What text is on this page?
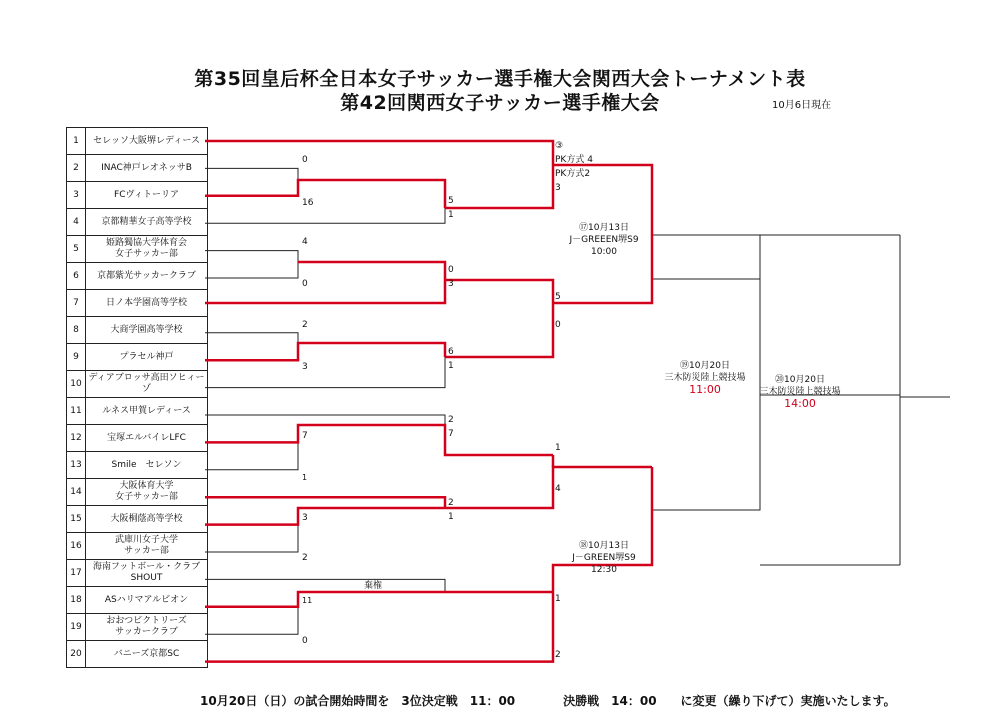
第35回皇后杯全日本女子サッカー選手権大会関西大会トーナメント表
第42回関西女子サッカー選手権大会	10月6日現在
1	セレッソ大阪堺レディース
2	INAC神戸レオネッサB
3	FCヴィトーリア
4	京都精華女子高等学校
5	姫路獨協大学体育会
女子サッカー部
6	京都紫光サッカークラブ
7	日ノ本学園高等学校
8	大商学園高等学校
9	プラセル神戸
10	ディアブロッサ高田ソヒィーゾ
11	ルネス甲賀レディース
12	宝塚エルバイレLFC
13	Smile　セレソン
14	大阪体育大学
女子サッカー部
15	大阪桐蔭高等学校
16	武庫川女子大学
サッカー部
17	海南フットボール・クラブ
SHOUT
18	ASハリマアルビオン
19	おおつビクトリーズ
サッカークラブ
20	バニーズ京都SC
0
16
4
0
2
3
7
1
3
2
棄権
11
0
5
1
0
3
6
1
2
7
2
1
③
PK方式 4
PK方式2
3
5
0
1
4
1
2
⑰10月13日
J－GREEEN堺S9
10:00
⑱10月13日
J－GREEN堺S9
12:30
⑲10月20日
三木防災陸上競技場
11:00
⑳10月20日
三木防災陸上競技場
14:00
10月20日（日）の試合開始時間を　3位決定戦　11：00　　　　決勝戦　14：00　　に変更（繰り下げて）実施いたします。
